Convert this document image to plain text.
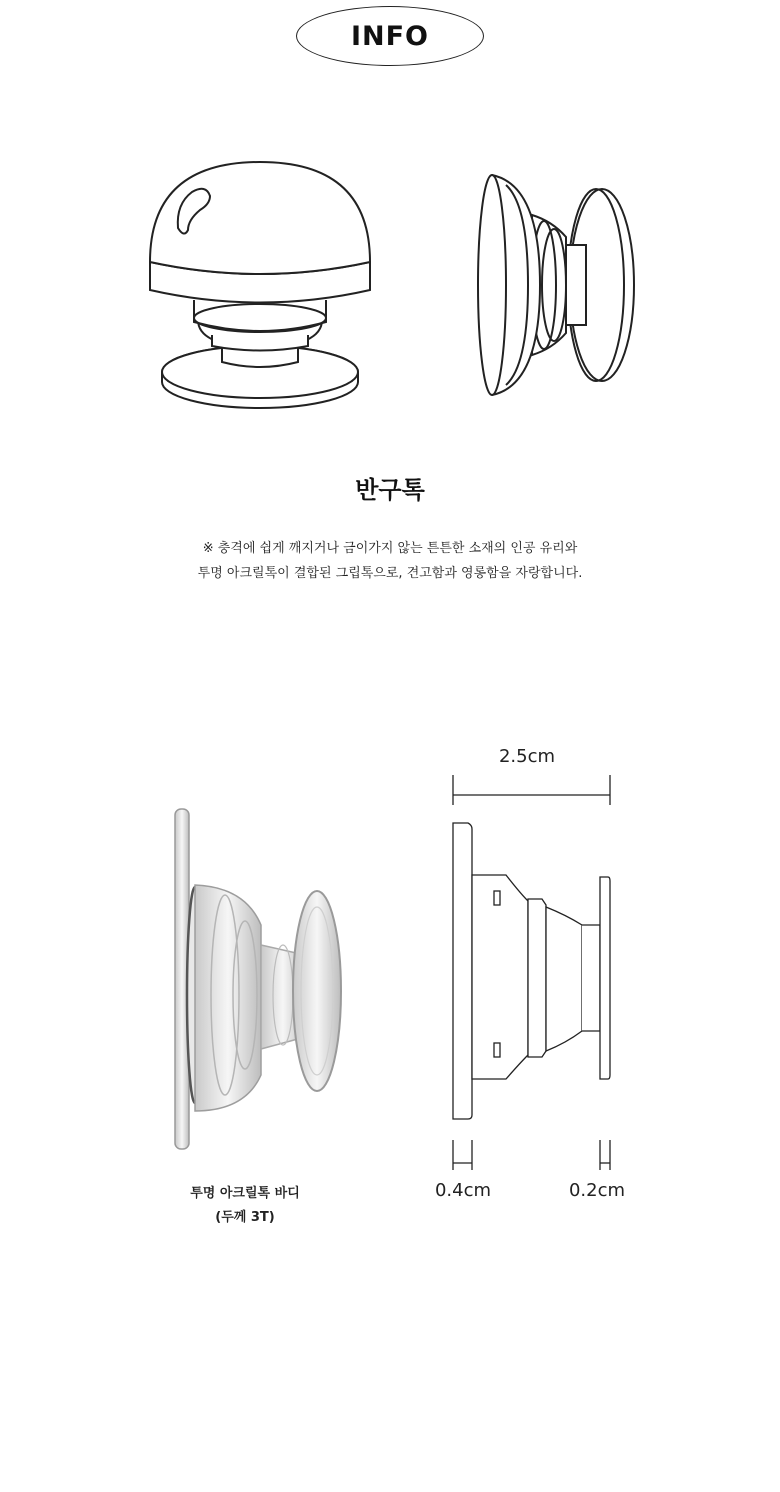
INFO
반구톡
※ 충격에 쉽게 깨지거나 금이가지 않는 튼튼한 소재의 인공 유리와
투명 아크릴톡이 결합된 그립톡으로, 견고함과 영롱함을 자랑합니다.
투명 아크릴톡 바디
(두께 3T)
2.5cm
0.4cm	0.2cm
